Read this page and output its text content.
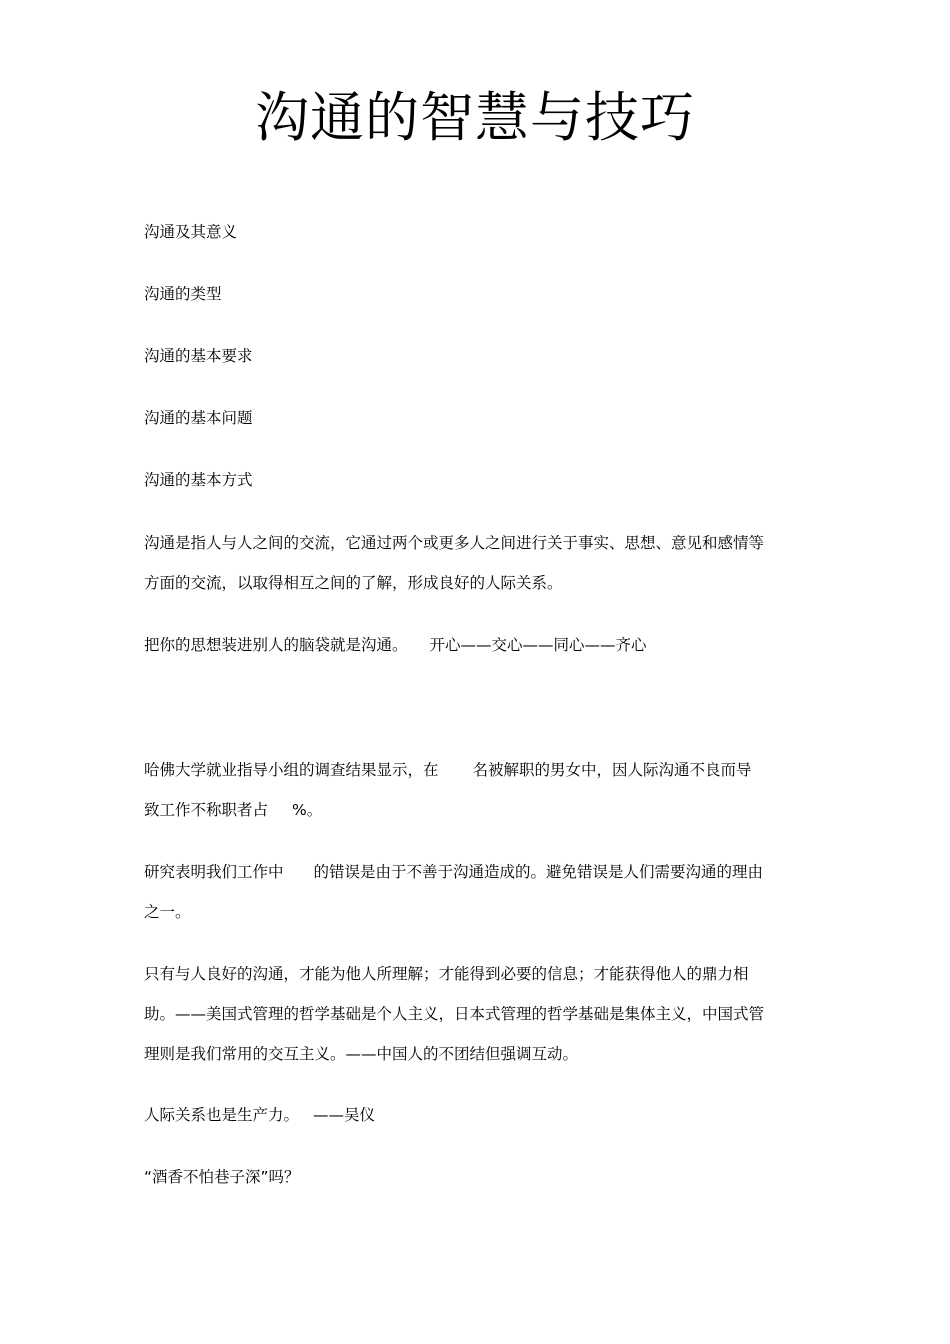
沟通的智慧与技巧

沟通及其意义

沟通的类型

沟通的基本要求

沟通的基本问题

沟通的基本方式

沟通是指人与人之间的交流，它通过两个或更多人之间进行关于事实、思想、意见和感情等

方面的交流，以取得相互之间的了解，形成良好的人际关系。

把你的思想装进别人的脑袋就是沟通。 开心——交心——同心——齐心

哈佛大学就业指导小组的调查结果显示，在 名被解职的男女中，因人际沟通不良而导

致工作不称职者占 %。

研究表明我们工作中 的错误是由于不善于沟通造成的。避免错误是人们需要沟通的理由

之一。

只有与人良好的沟通，才能为他人所理解；才能得到必要的信息；才能获得他人的鼎力相

助。——美国式管理的哲学基础是个人主义，日本式管理的哲学基础是集体主义，中国式管

理则是我们常用的交互主义。——中国人的不团结但强调互动。

人际关系也是生产力。 ——吴仪

“酒香不怕巷子深”吗？
